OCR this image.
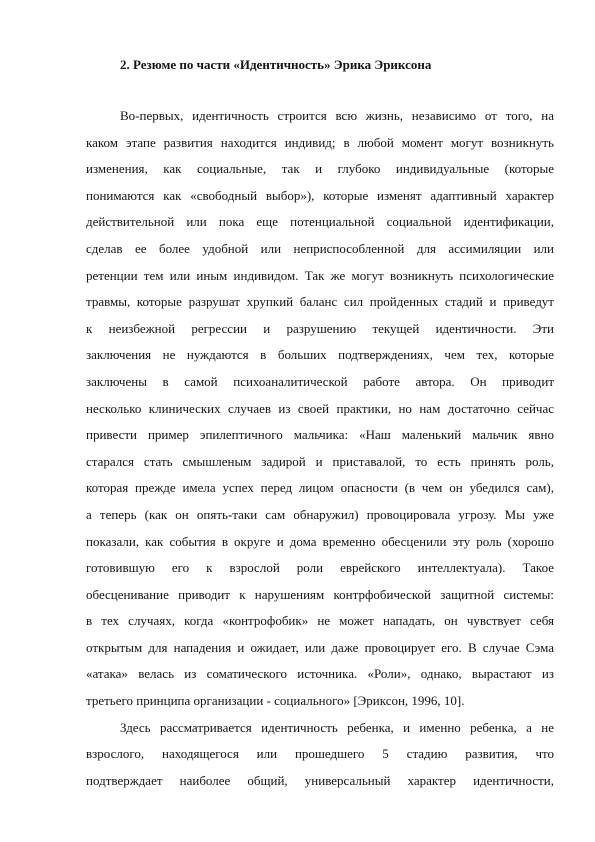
2. Резюме по части «Идентичность» Эрика Эриксона
Во-первых, идентичность строится всю жизнь, независимо от того, на
каком этапе развития находится индивид; в любой момент могут возникнуть
изменения, как социальные, так и глубоко индивидуальные (которые
понимаются как «свободный выбор»), которые изменят адаптивный характер
действительной или пока еще потенциальной социальной идентификации,
сделав ее более удобной или неприспособленной для ассимиляции или
ретенции тем или иным индивидом. Так же могут возникнуть психологические
травмы, которые разрушат хрупкий баланс сил пройденных стадий и приведут
к неизбежной регрессии и разрушению текущей идентичности. Эти
заключения не нуждаются в больших подтверждениях, чем тех, которые
заключены в самой психоаналитической работе автора. Он приводит
несколько клинических случаев из своей практики, но нам достаточно сейчас
привести пример эпилептичного мальчика: «Наш маленький мальчик явно
старался стать смышленым задирой и приставалой, то есть принять роль,
которая прежде имела успех перед лицом опасности (в чем он убедился сам),
а теперь (как он опять-таки сам обнаружил) провоцировала угрозу. Мы уже
показали, как события в округе и дома временно обесценили эту роль (хорошо
готовившую его к взрослой роли еврейского интеллектуала). Такое
обесценивание приводит к нарушениям контрфобической защитной системы:
в тех случаях, когда «контрофобик» не может нападать, он чувствует себя
открытым для нападения и ожидает, или даже провоцирует его. В случае Сэма
«атака» велась из соматического источника. «Роли», однако, вырастают из
третьего принципа организации - социального» [Эриксон, 1996, 10].
Здесь рассматривается идентичность ребенка, и именно ребенка, а не
взрослого, находящегося или прошедшего 5 стадию развития, что
подтверждает наиболее общий, универсальный характер идентичности,
